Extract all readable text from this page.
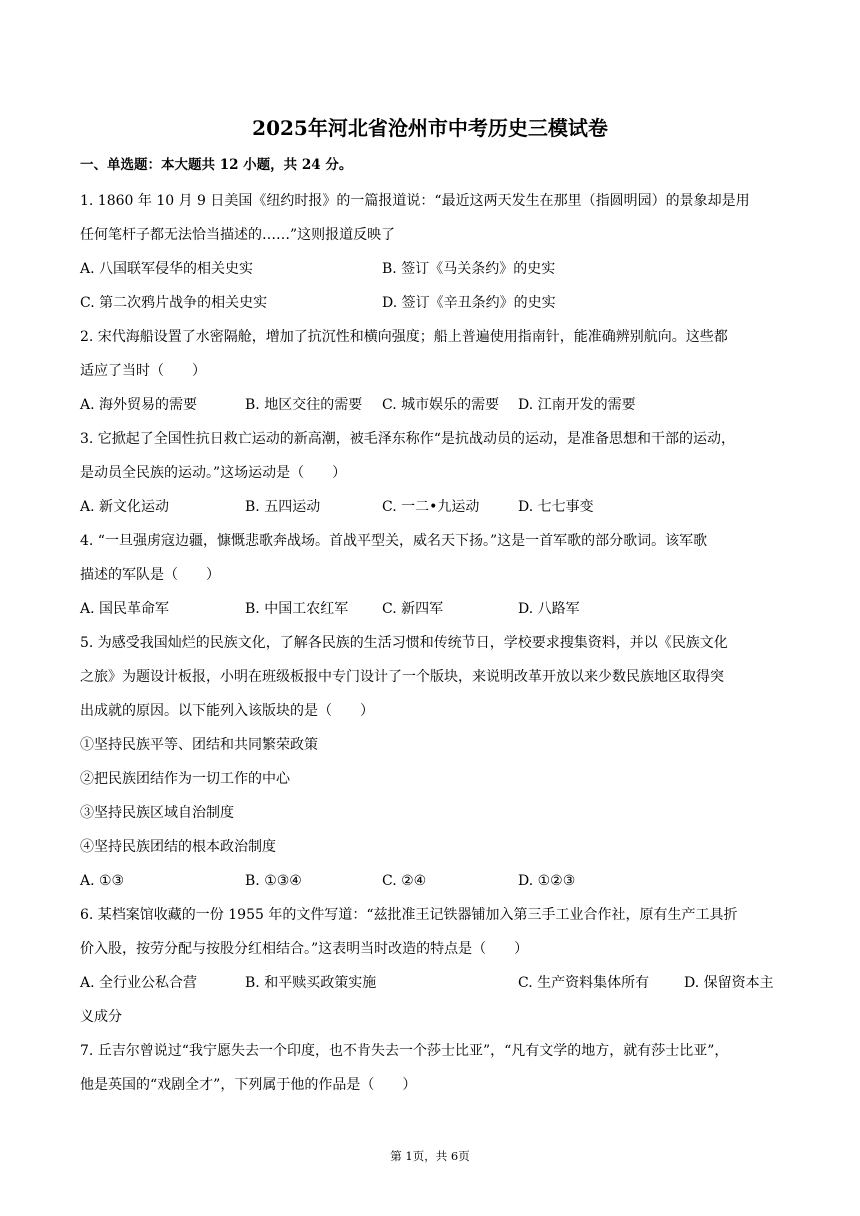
2025年河北省沧州市中考历史三模试卷
一、单选题：本大题共 12 小题，共 24 分。
1. 1860 年 10 月 9 日美国《纽约时报》的一篇报道说：“最近这两天发生在那里（指圆明园）的景象却是用
任何笔杆子都无法恰当描述的……”这则报道反映了
A. 八国联军侵华的相关史实	B. 签订《马关条约》的史实
C. 第二次鸦片战争的相关史实	D. 签订《辛丑条约》的史实
2. 宋代海船设置了水密隔舱，增加了抗沉性和横向强度；船上普遍使用指南针，能准确辨别航向。这些都
适应了当时（　　）
A. 海外贸易的需要	B. 地区交往的需要 C. 城市娱乐的需要 D. 江南开发的需要
3. 它掀起了全国性抗日救亡运动的新高潮，被毛泽东称作“是抗战动员的运动，是准备思想和干部的运动，
是动员全民族的运动。”这场运动是（　　）
A. 新文化运动	B. 五四运动	C. 一二•九运动	D. 七七事变
4. “一旦强虏寇边疆，慷慨悲歌奔战场。首战平型关，威名天下扬。”这是一首军歌的部分歌词。该军歌
描述的军队是（　　）
A. 国民革命军	B. 中国工农红军 C. 新四军	D. 八路军
5. 为感受我国灿烂的民族文化，了解各民族的生活习惯和传统节日，学校要求搜集资料，并以《民族文化
之旅》为题设计板报，小明在班级板报中专门设计了一个版块，来说明改革开放以来少数民族地区取得突
出成就的原因。以下能列入该版块的是（　　）
①坚持民族平等、团结和共同繁荣政策
②把民族团结作为一切工作的中心
③坚持民族区域自治制度
④坚持民族团结的根本政治制度
A. ①③	B. ①③④	C. ②④	D. ①②③
6. 某档案馆收藏的一份 1955 年的文件写道：“兹批准王记铁器铺加入第三手工业合作社，原有生产工具折
价入股，按劳分配与按股分红相结合。”这表明当时改造的特点是（　　）
A. 全行业公私合营	B. 和平赎买政策实施	C. 生产资料集体所有 D. 保留资本主
义成分
7. 丘吉尔曾说过“我宁愿失去一个印度，也不肯失去一个莎士比亚”，“凡有文学的地方，就有莎士比亚”，
他是英国的“戏剧全才”，下列属于他的作品是（　　）
第 1页，共 6页
